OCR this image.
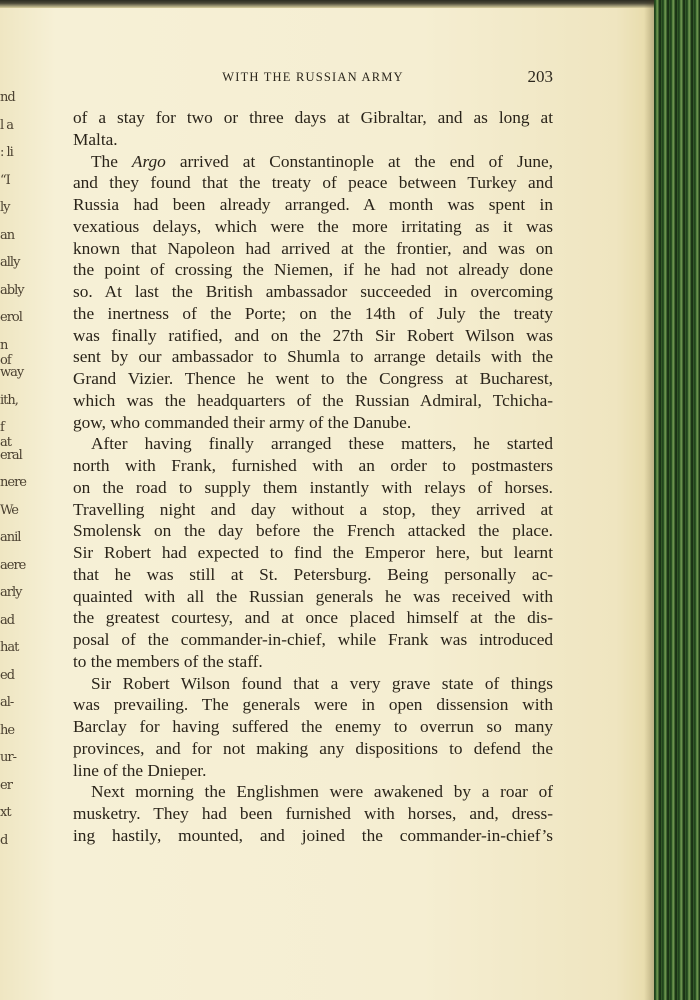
nd
l a
: li
“I
ly
an
ally
ably
erol
n of
way
ith,
f at
eral
nere
We
anil
aere
arly
ad
hat
ed
al-
he
ur-
er
xt
d
WITH THE RUSSIAN ARMY	203
of a stay for two or three days at Gibraltar, and as long at
Malta.
The Argo arrived at Constantinople at the end of June,
and they found that the treaty of peace between Turkey and
Russia had been already arranged. A month was spent in
vexatious delays, which were the more irritating as it was
known that Napoleon had arrived at the frontier, and was on
the point of crossing the Niemen, if he had not already done
so. At last the British ambassador succeeded in overcoming
the inertness of the Porte; on the 14th of July the treaty
was finally ratified, and on the 27th Sir Robert Wilson was
sent by our ambassador to Shumla to arrange details with the
Grand Vizier. Thence he went to the Congress at Bucharest,
which was the headquarters of the Russian Admiral, Tchicha-
gow, who commanded their army of the Danube.
After having finally arranged these matters, he started
north with Frank, furnished with an order to postmasters
on the road to supply them instantly with relays of horses.
Travelling night and day without a stop, they arrived at
Smolensk on the day before the French attacked the place.
Sir Robert had expected to find the Emperor here, but learnt
that he was still at St. Petersburg. Being personally ac-
quainted with all the Russian generals he was received with
the greatest courtesy, and at once placed himself at the dis-
posal of the commander-in-chief, while Frank was introduced
to the members of the staff.
Sir Robert Wilson found that a very grave state of things
was prevailing. The generals were in open dissension with
Barclay for having suffered the enemy to overrun so many
provinces, and for not making any dispositions to defend the
line of the Dnieper.
Next morning the Englishmen were awakened by a roar of
musketry. They had been furnished with horses, and, dress-
ing hastily, mounted, and joined the commander-in-chief’s
